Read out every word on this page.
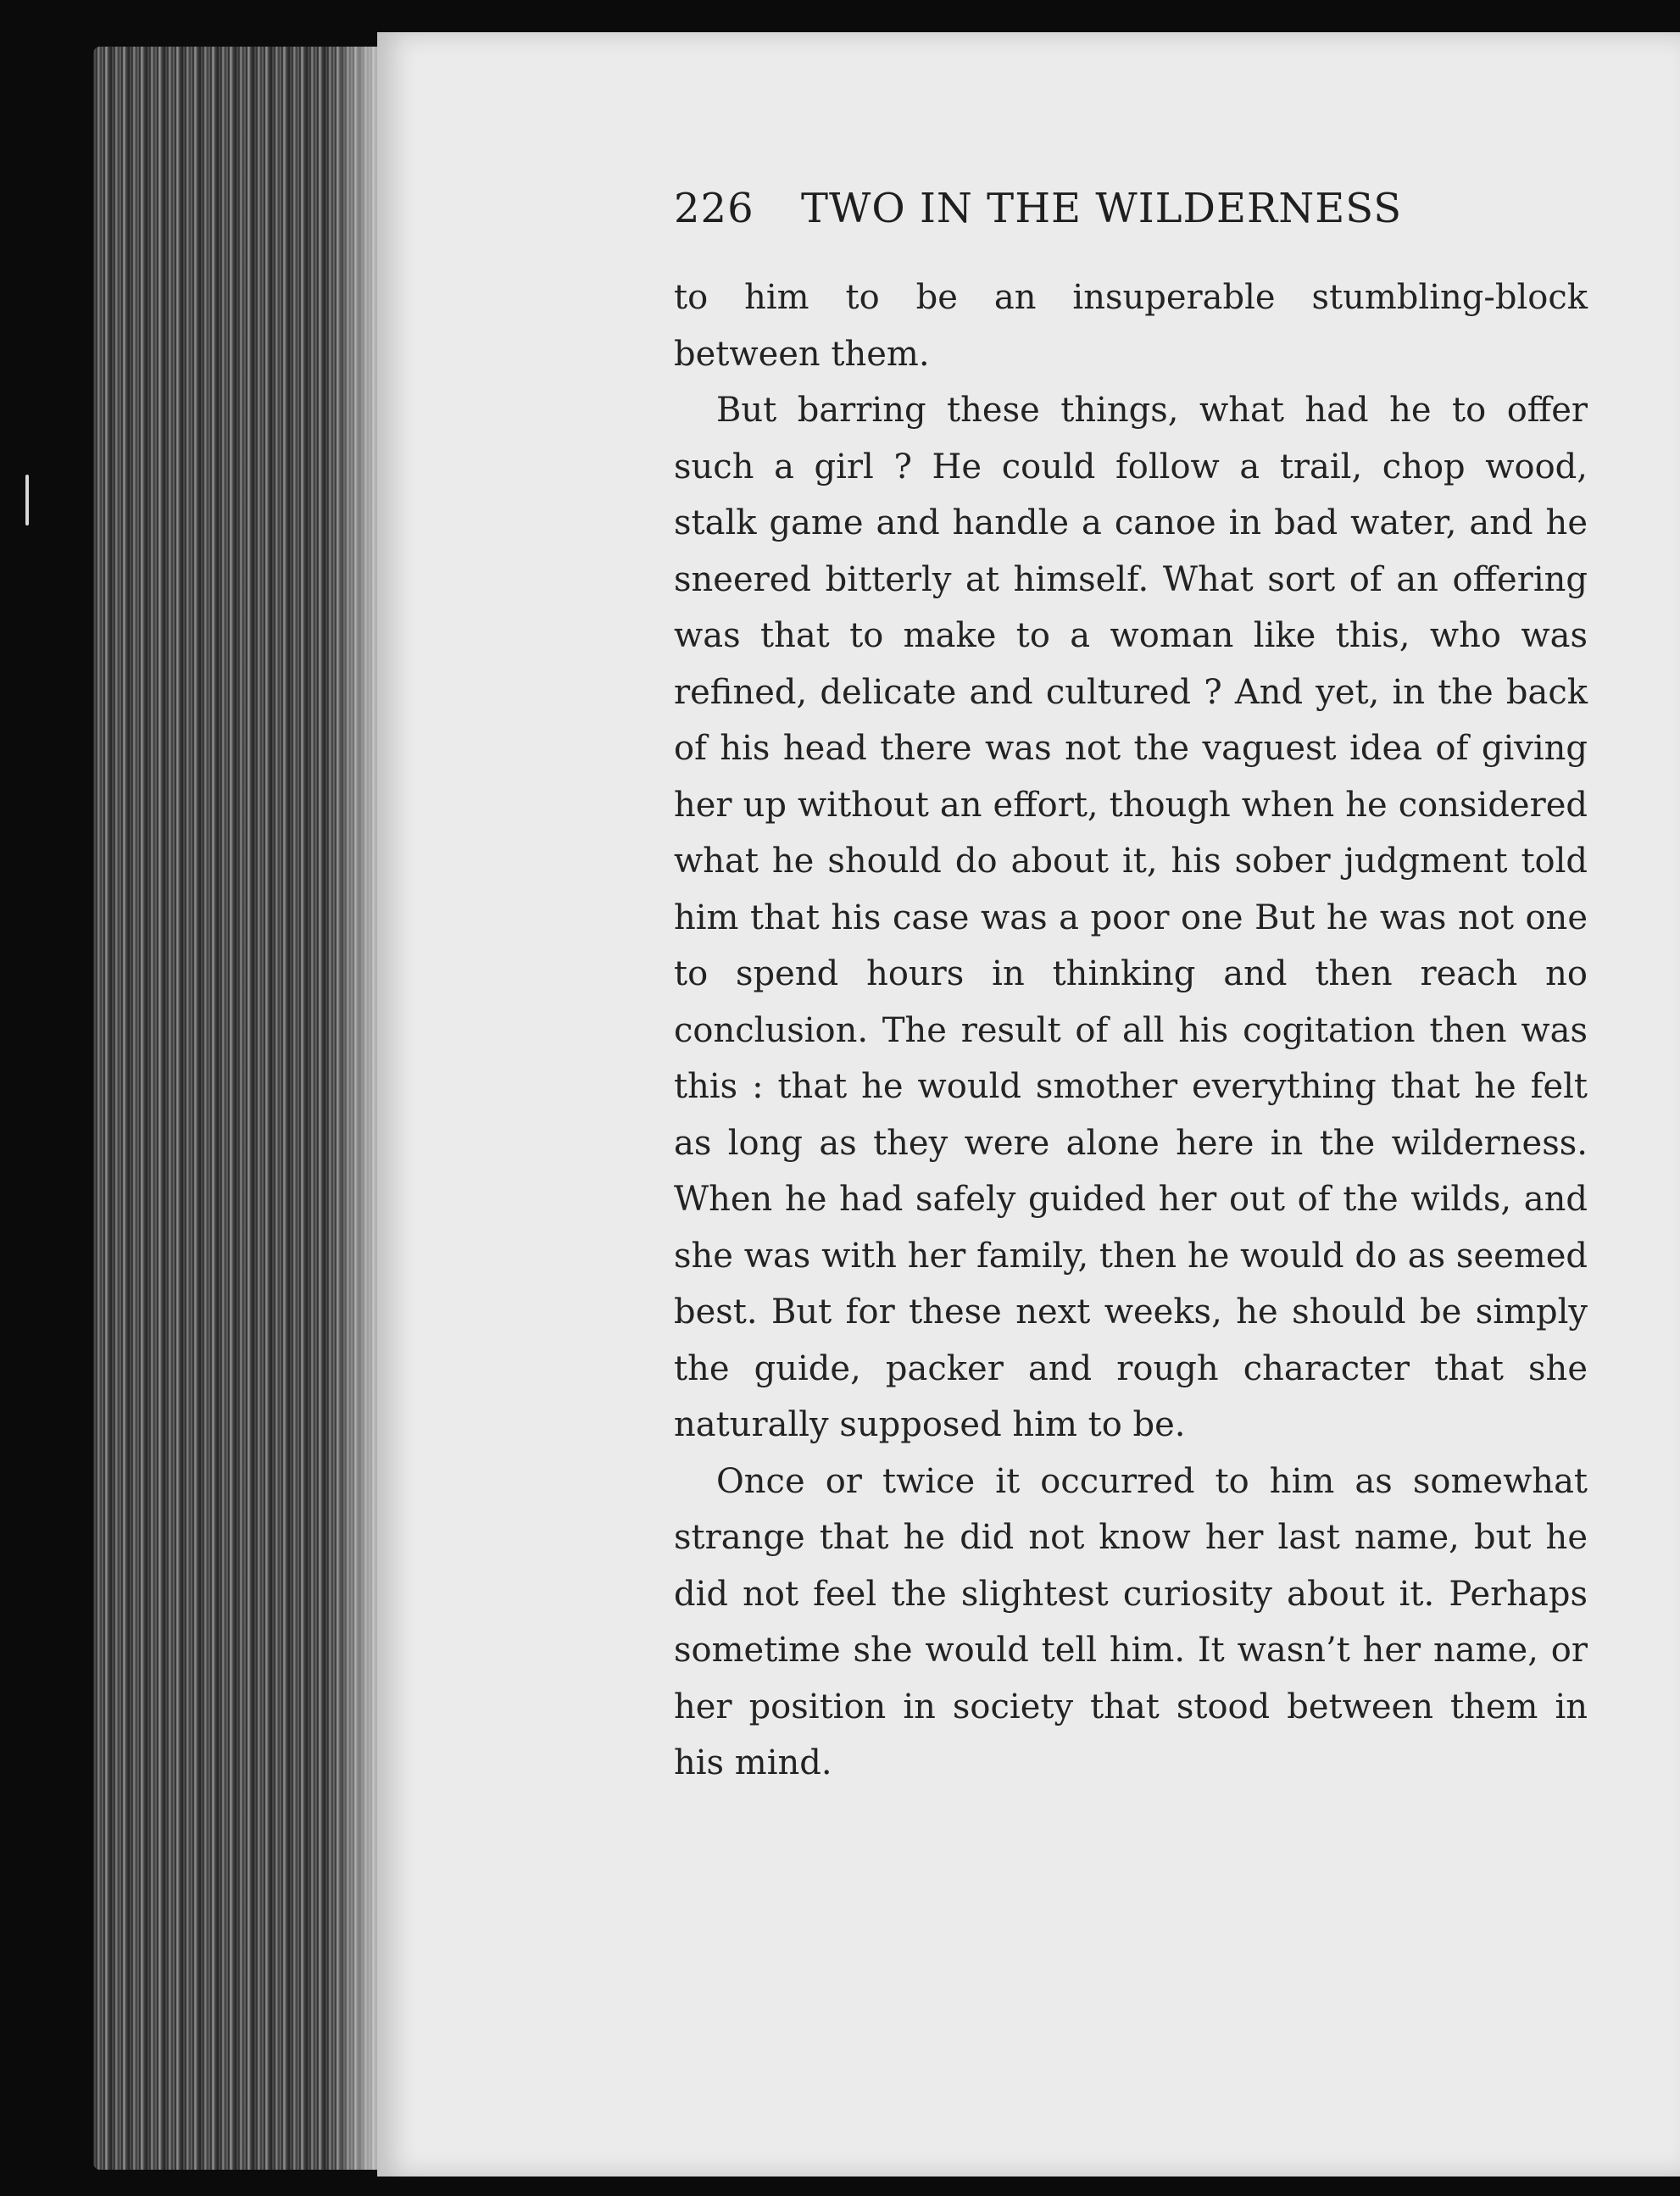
226 TWO IN THE WILDERNESS

to him to be an insuperable stumbling-block between them.

But barring these things, what had he to offer such a girl ? He could follow a trail, chop wood, stalk game and handle a canoe in bad water, and he sneered bitterly at himself. What sort of an offering was that to make to a woman like this, who was refined, delicate and cultured ? And yet, in the back of his head there was not the vaguest idea of giving her up without an effort, though when he considered what he should do about it, his sober judgment told him that his case was a poor one But he was not one to spend hours in thinking and then reach no conclusion. The result of all his cogitation then was this : that he would smother everything that he felt as long as they were alone here in the wilderness. When he had safely guided her out of the wilds, and she was with her family, then he would do as seemed best. But for these next weeks, he should be simply the guide, packer and rough character that she naturally supposed him to be.

Once or twice it occurred to him as somewhat strange that he did not know her last name, but he did not feel the slightest curiosity about it. Perhaps sometime she would tell him. It wasn’t her name, or her position in society that stood between them in his mind.
